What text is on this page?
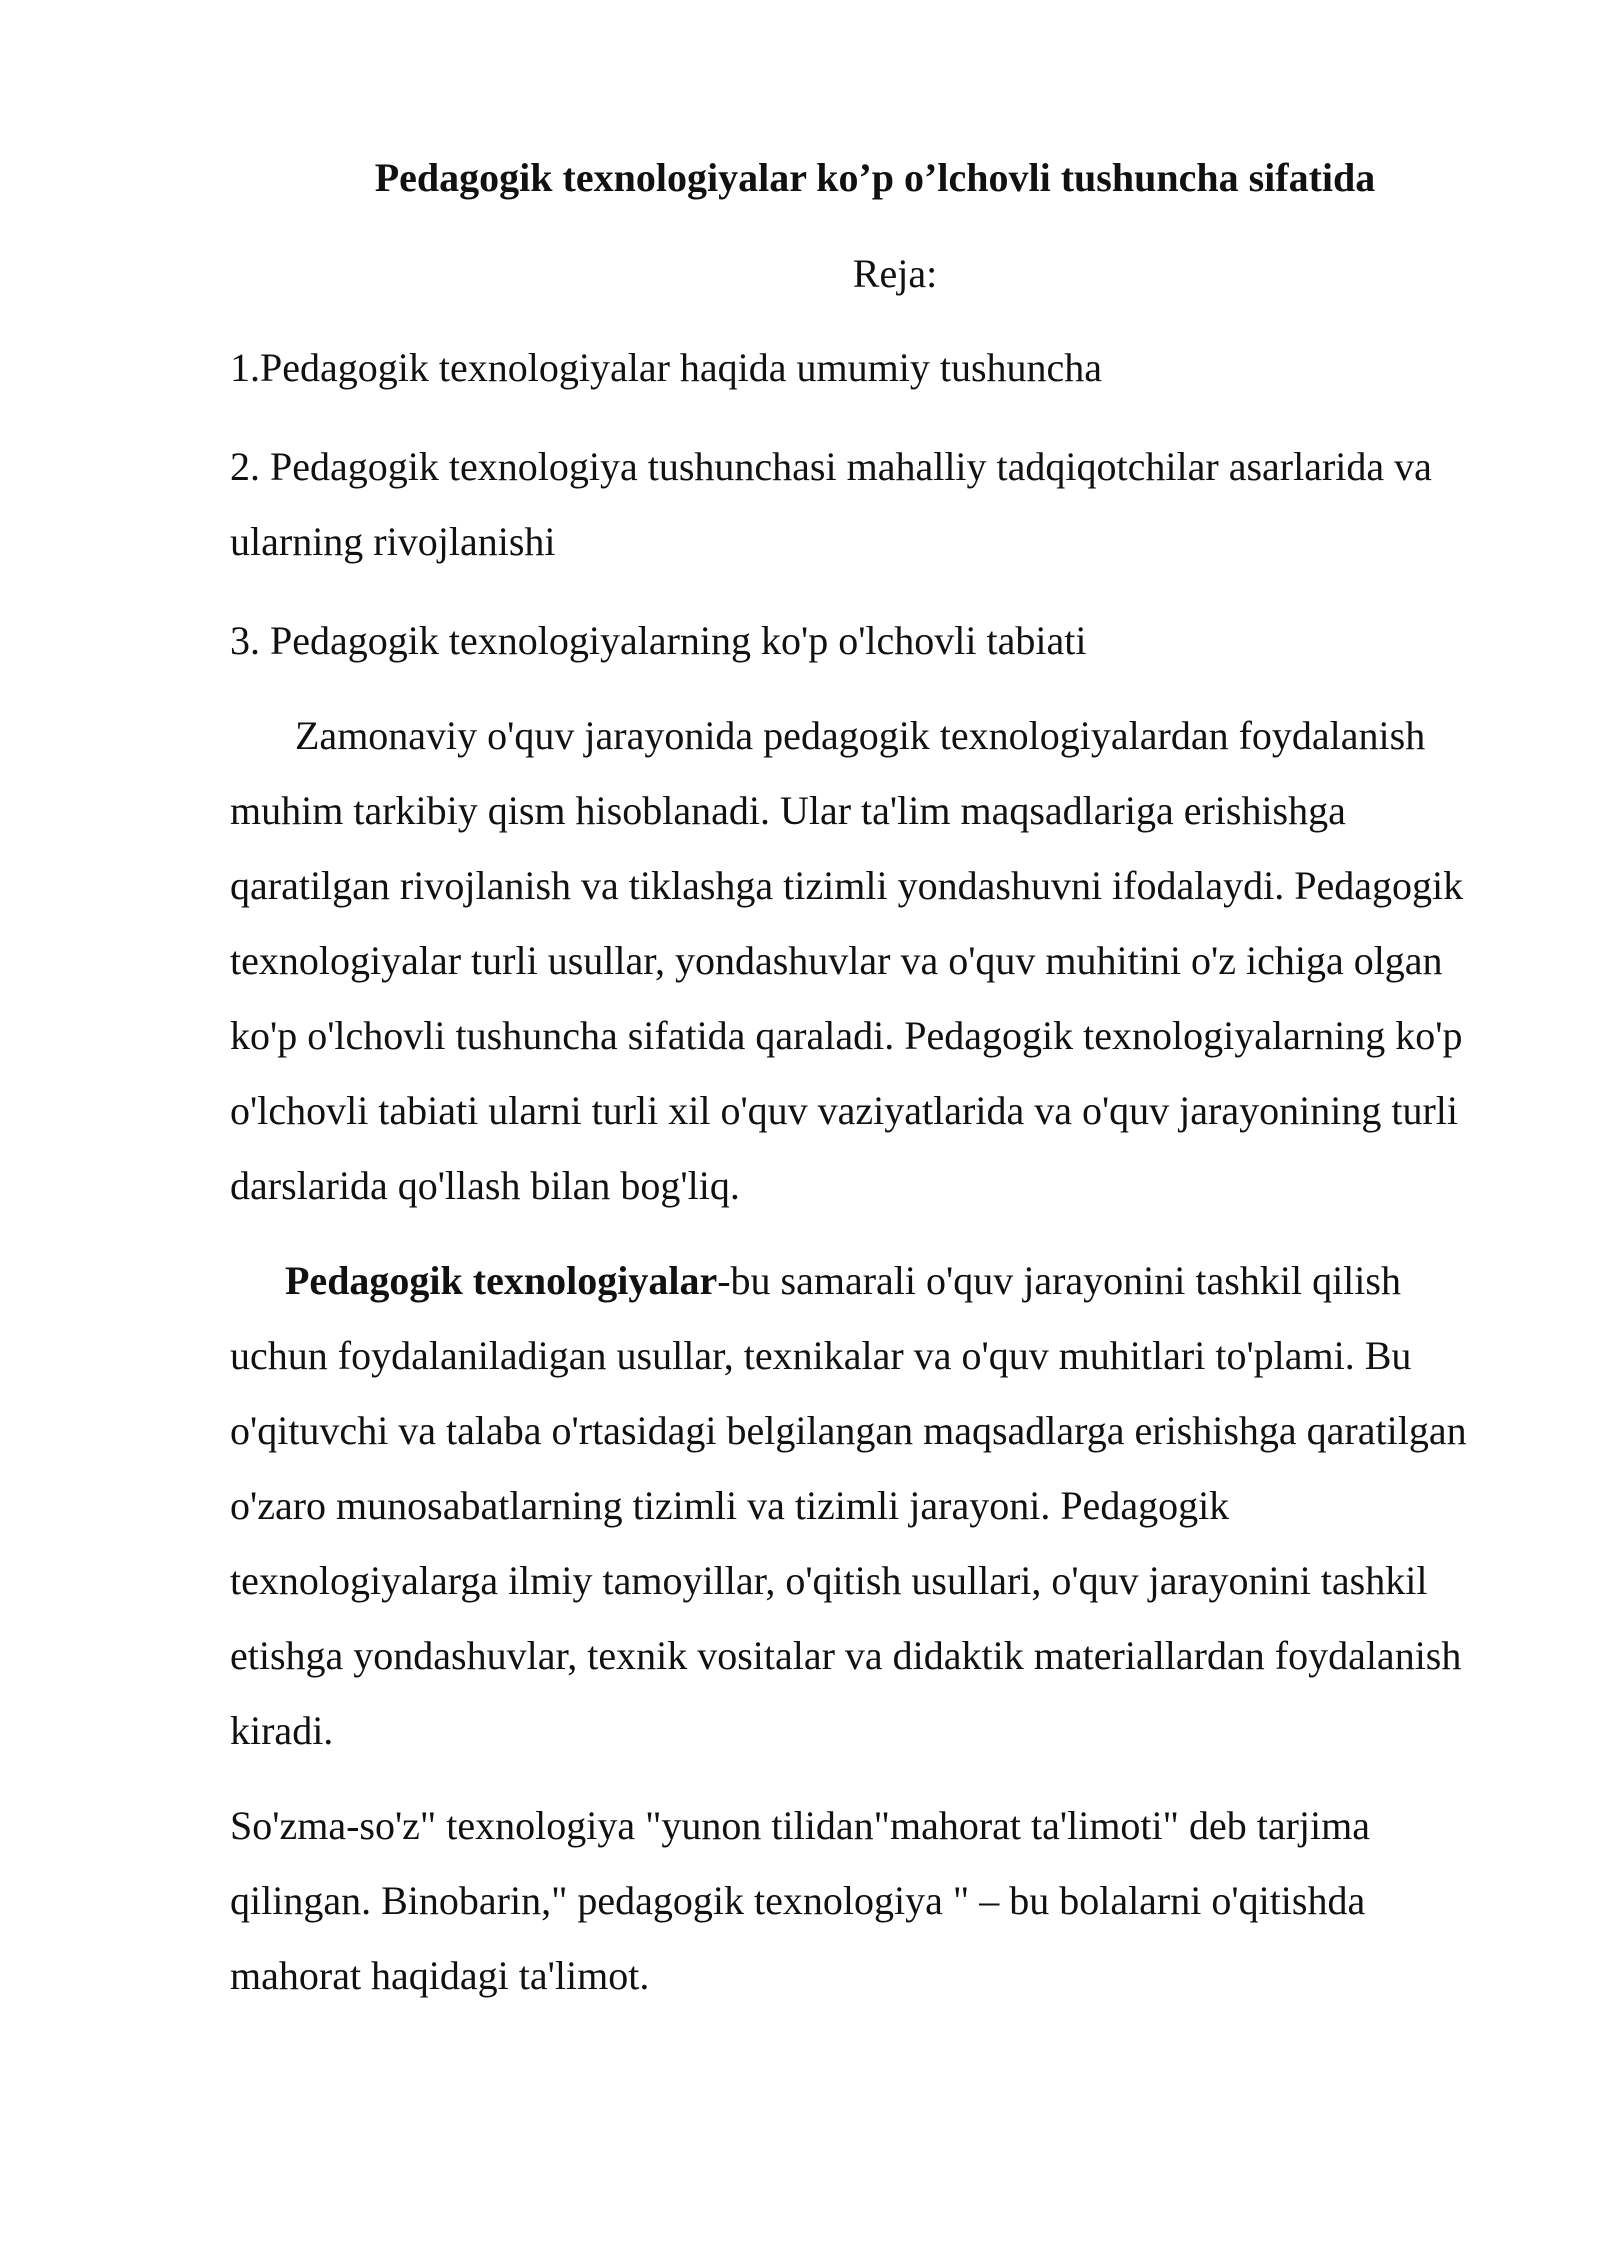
Pedagogik texnologiyalar ko’p o’lchovli tushuncha sifatida

Reja:

1.Pedagogik texnologiyalar haqida umumiy tushuncha

2. Pedagogik texnologiya tushunchasi mahalliy tadqiqotchilar asarlarida va ularning rivojlanishi

3. Pedagogik texnologiyalarning ko'p o'lchovli tabiati

Zamonaviy o'quv jarayonida pedagogik texnologiyalardan foydalanish muhim tarkibiy qism hisoblanadi. Ular ta'lim maqsadlariga erishishga qaratilgan rivojlanish va tiklashga tizimli yondashuvni ifodalaydi. Pedagogik texnologiyalar turli usullar, yondashuvlar va o'quv muhitini o'z ichiga olgan ko'p o'lchovli tushuncha sifatida qaraladi. Pedagogik texnologiyalarning ko'p o'lchovli tabiati ularni turli xil o'quv vaziyatlarida va o'quv jarayonining turli darslarida qo'llash bilan bog'liq.

Pedagogik texnologiyalar-bu samarali o'quv jarayonini tashkil qilish uchun foydalaniladigan usullar, texnikalar va o'quv muhitlari to'plami. Bu o'qituvchi va talaba o'rtasidagi belgilangan maqsadlarga erishishga qaratilgan o'zaro munosabatlarning tizimli va tizimli jarayoni. Pedagogik texnologiyalarga ilmiy tamoyillar, o'qitish usullari, o'quv jarayonini tashkil etishga yondashuvlar, texnik vositalar va didaktik materiallardan foydalanish kiradi.

So'zma-so'z" texnologiya "yunon tilidan"mahorat ta'limoti" deb tarjima qilingan. Binobarin," pedagogik texnologiya " – bu bolalarni o'qitishda mahorat haqidagi ta'limot.
